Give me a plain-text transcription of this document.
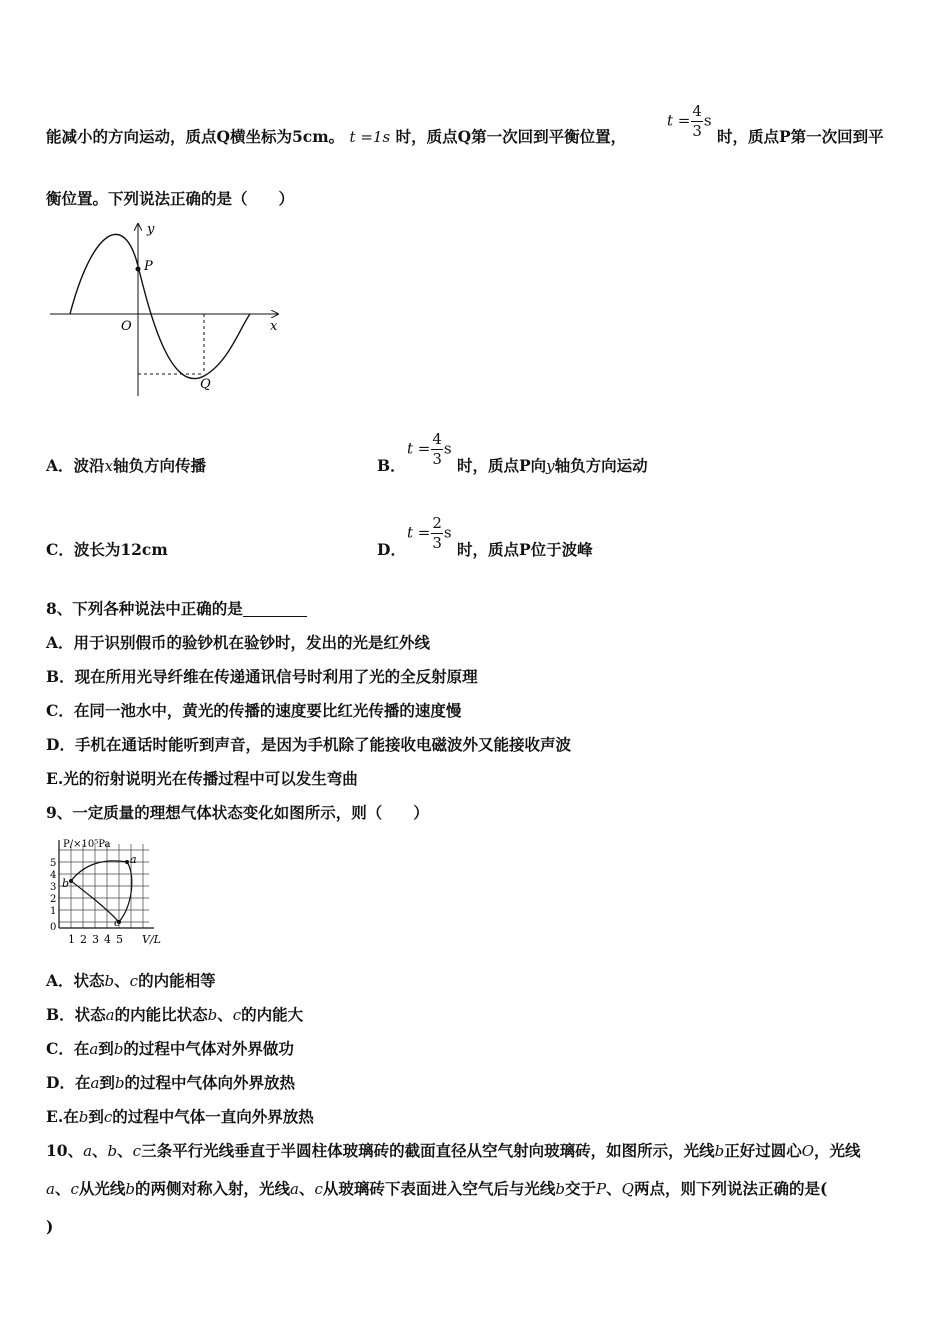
能减小的方向运动，质点Q横坐标为5cm。 t =1s 时，质点Q第一次回到平衡位置，
$t = \frac{4}{3}$ s
时，质点P第一次回到平
衡位置。下列说法正确的是（　　）
y
P
O	x
Q
A．波沿x轴负方向传播	B．
$t = \frac{4}{3}$ s
时，质点P向y轴负方向运动
C．波长为12cm	D．
$t = \frac{2}{3}$ s
时，质点P位于波峰
8、下列各种说法中正确的是
A．用于识别假币的验钞机在验钞时，发出的光是红外线
B．现在所用光导纤维在传递通讯信号时利用了光的全反射原理
C．在同一池水中，黄光的传播的速度要比红光传播的速度慢
D．手机在通话时能听到声音，是因为手机除了能接收电磁波外又能接收声波
E.光的衍射说明光在传播过程中可以发生弯曲
9、一定质量的理想气体状态变化如图所示，则（　　）
P/×10⁵Pa
5
4
3
2
1
0
1 2 3 4 5 V/L
a
b
c
A．状态b、c的内能相等
B．状态a的内能比状态b、c的内能大
C．在a到b的过程中气体对外界做功
D．在a到b的过程中气体向外界放热
E.在b到c的过程中气体一直向外界放热
10、a、b、c三条平行光线垂直于半圆柱体玻璃砖的截面直径从空气射向玻璃砖，如图所示，光线b正好过圆心O，光线
a、c从光线b的两侧对称入射，光线a、c从玻璃砖下表面进入空气后与光线b交于P、Q两点，则下列说法正确的是(
)
